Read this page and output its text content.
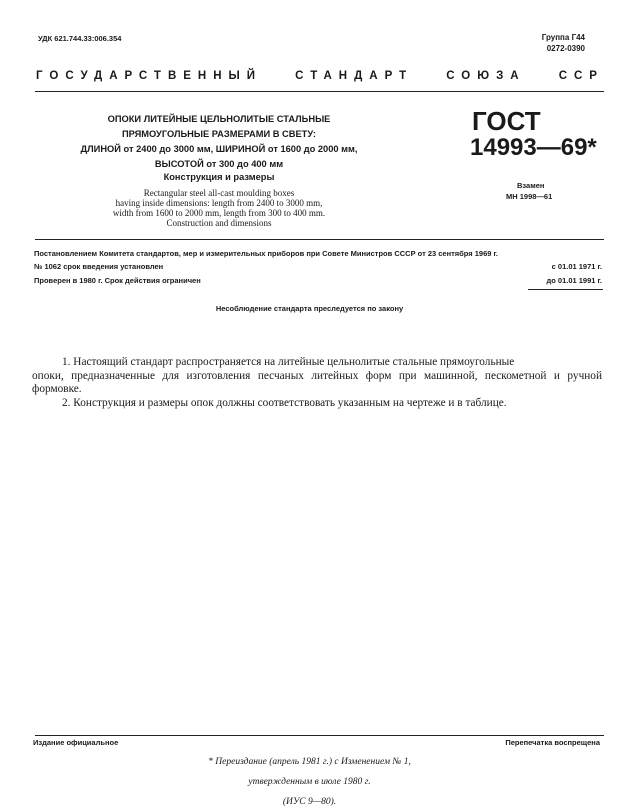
УДК 621.744.33:006.354	Группа Г44
0272-0390
ГОСУДАРСТВЕННЫЙ	СТАНДАРТ	СОЮЗА	ССР
ОПОКИ ЛИТЕЙНЫЕ ЦЕЛЬНОЛИТЫЕ СТАЛЬНЫЕ
ПРЯМОУГОЛЬНЫЕ РАЗМЕРАМИ В СВЕТУ:
ДЛИНОЙ от 2400 до 3000 мм, ШИРИНОЙ от 1600 до 2000 мм,
ВЫСОТОЙ от 300 до 400 мм
Конструкция и размеры
Rectangular steel all-cast moulding boxes
having inside dimensions: length from 2400 to 3000 mm,
width from 1600 to 2000 mm, length from 300 to 400 mm.
Construction and dimensions
ГОСТ
14993—69*
Взамен
МН 1998—61
Постановлением Комитета стандартов, мер и измерительных приборов при Совете Министров СССР от 23 сентября 1969 г.
№ 1062 срок введения установлен	с 01.01 1971 г.
Проверен в 1980 г. Срок действия ограничен	до 01.01 1991 г.
Несоблюдение стандарта преследуется по закону

1. Настоящий стандарт распространяется на литейные цельнолитые стальные прямоугольные

опоки, предназначенные для изготовления песчаных литейных форм при машинной, пескометной и ручной формовке.

2. Конструкция и размеры опок должны соответствовать указанным на чертеже и в таблице.

Издание официальное	Перепечатка воспрещена
* Переиздание (апрель 1981 г.) с Изменением № 1,
утвержденным в июле 1980 г.
(ИУС 9—80).
